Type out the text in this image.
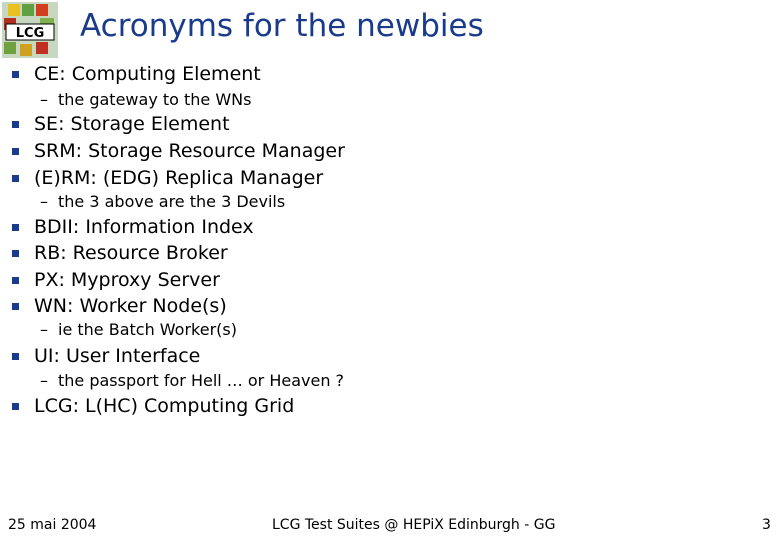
LCG Acronyms for the newbies
CE: Computing Element
– the gateway to the WNs
SE: Storage Element
SRM: Storage Resource Manager
(E)RM: (EDG) Replica Manager
– the 3 above are the 3 Devils
BDII: Information Index
RB: Resource Broker
PX: Myproxy Server
WN: Worker Node(s)
– ie the Batch Worker(s)
UI: User Interface
– the passport for Hell … or Heaven ?
LCG: L(HC) Computing Grid
25 mai 2004	LCG Test Suites @ HEPiX Edinburgh - GG	3
